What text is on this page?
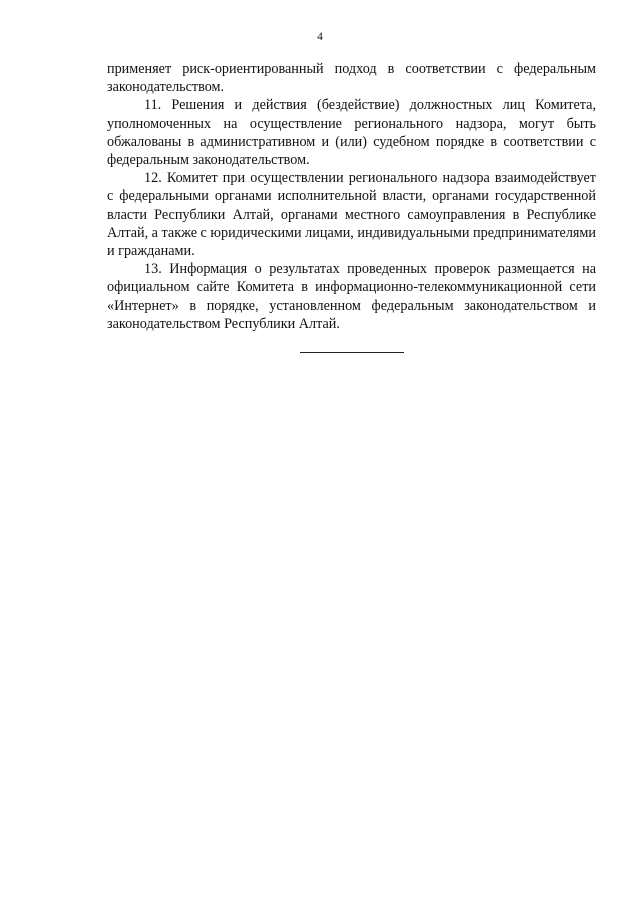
4

применяет риск-ориентированный подход в соответствии с федеральным законодательством.

11. Решения и действия (бездействие) должностных лиц Комитета, уполномоченных на осуществление регионального надзора, могут быть обжалованы в административном и (или) судебном порядке в соответствии с федеральным законодательством.

12. Комитет при осуществлении регионального надзора взаимодействует с федеральными органами исполнительной власти, органами государственной власти Республики Алтай, органами местного самоуправления в Республике Алтай, а также с юридическими лицами, индивидуальными предпринимателями и гражданами.

13. Информация о результатах проведенных проверок размещается на официальном сайте Комитета в информационно-телекоммуникационной сети «Интернет» в порядке, установленном федеральным законодательством и законодательством Республики Алтай.
